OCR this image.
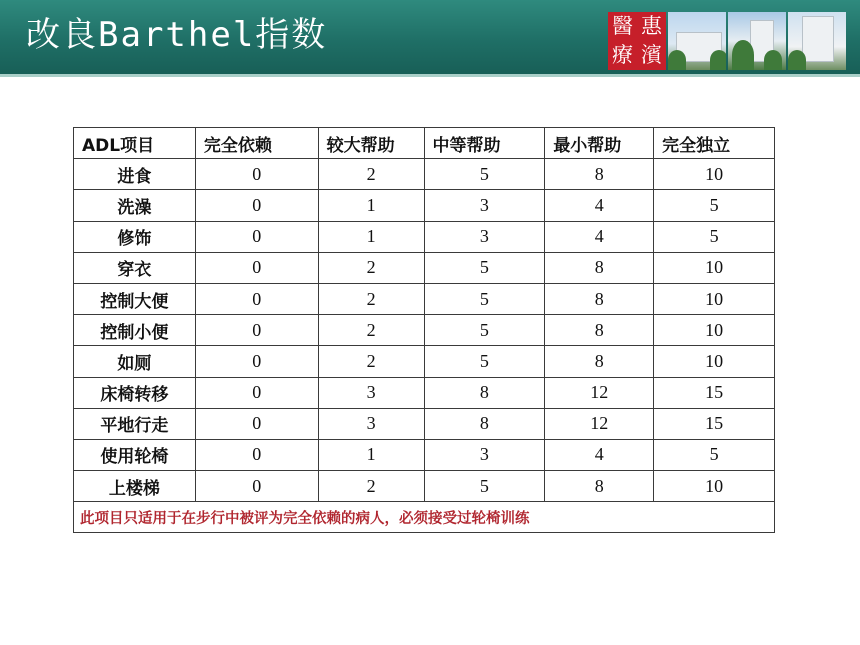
改良Barthel指数	醫 惠
療 濱
ADL项目	完全依赖	较大帮助	中等帮助	最小帮助	完全独立
进食	0	2	5	8	10
洗澡	0	1	3	4	5
修饰	0	1	3	4	5
穿衣	0	2	5	8	10
控制大便	0	2	5	8	10
控制小便	0	2	5	8	10
如厕	0	2	5	8	10
床椅转移	0	3	8	12	15
平地行走	0	3	8	12	15
使用轮椅	0	1	3	4	5
上楼梯	0	2	5	8	10
此项目只适用于在步行中被评为完全依赖的病人，必须接受过轮椅训练					
